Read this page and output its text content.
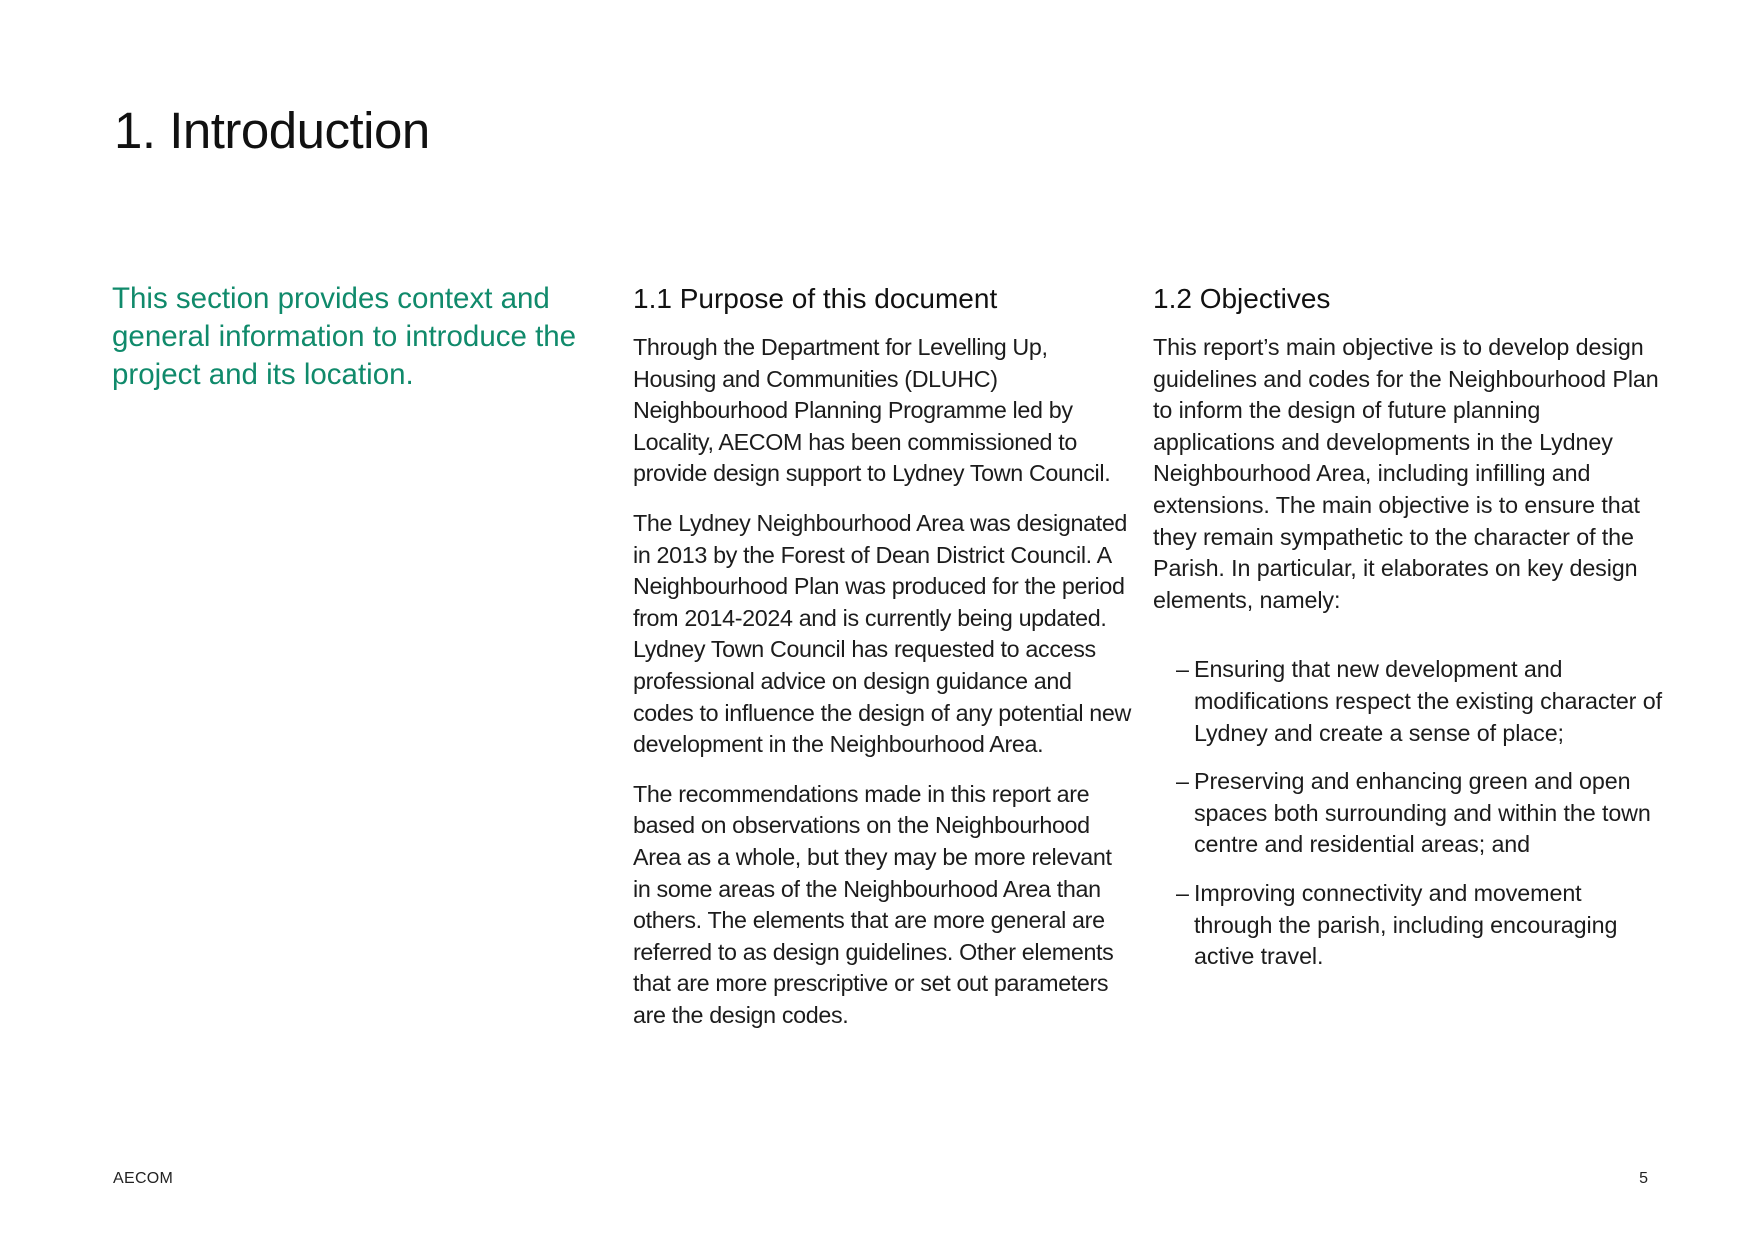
1. Introduction

This section provides context and general information to introduce the project and its location.

1.1 Purpose of this document

Through the Department for Levelling Up, Housing and Communities (DLUHC) Neighbourhood Planning Programme led by Locality, AECOM has been commissioned to provide design support to Lydney Town Council.

The Lydney Neighbourhood Area was designated in 2013 by the Forest of Dean District Council. A Neighbourhood Plan was produced for the period from 2014-2024 and is currently being updated. Lydney Town Council has requested to access professional advice on design guidance and codes to influence the design of any potential new development in the Neighbourhood Area.

The recommendations made in this report are based on observations on the Neighbourhood Area as a whole, but they may be more relevant in some areas of the Neighbourhood Area than others. The elements that are more general are referred to as design guidelines. Other elements that are more prescriptive or set out parameters are the design codes.

1.2 Objectives

This report’s main objective is to develop design guidelines and codes for the Neighbourhood Plan to inform the design of future planning applications and developments in the Lydney Neighbourhood Area, including infilling and extensions. The main objective is to ensure that they remain sympathetic to the character of the Parish. In particular, it elaborates on key design elements, namely:

– Ensuring that new development and modifications respect the existing character of Lydney and create a sense of place;
– Preserving and enhancing green and open spaces both surrounding and within the town centre and residential areas; and
– Improving connectivity and movement through the parish, including encouraging active travel.
AECOM	5
